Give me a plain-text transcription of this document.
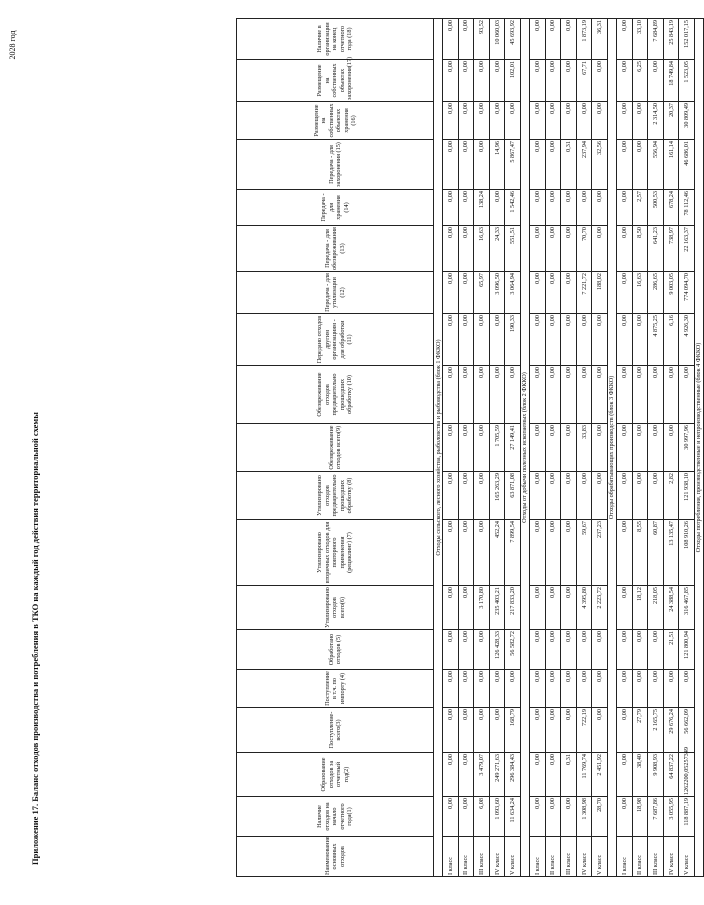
2028 год
Приложение 17. Баланс отходов производства и потребления в ТКО на каждый год действия территориальной схемы	Наименование основных отходов	Наличие отходов на начало отчетного года(1)	Образование отходов за отчетный год(2)	Поступление-всего(3)	Поступление в т.ч. по импорту (4)	Обработано отходов (5)	Утилизировано отходов всего(6)	Утилизировано вторичных отходов для повторного применения (рециклинг) (7)	Утилизировано отходов предварительно прошедших обработку (8)	Обезвреживание отходов всего(9)	Обезвреживание отходов предварительно прошедших обработку (10)	Передано отходов другим организациям - для обработки (11)	Передача - для утилизации (12)	Передача - для обезвреживания (13)	Передача - для хранения (14)	Передача - для захоронения (15)	Размещение на собственных объектах хранения (16)	Размещение на собственных объектах захоронения(17)	Наличие в организации на конец отчетного года (18)
Отходы сельского, лесного хозяйства, рыболовства и рыбоводства (блок 1 ФККО)																		
I класс	0,00	0,00	0,00	0,00	0,00	0,00	0,00	0,00	0,00	0,00	0,00	0,00	0,00	0,00	0,00	0,00	0,00	0,00
II класс	0,00	0,00	0,00	0,00	0,00	0,00	0,00	0,00	0,00	0,00	0,00	0,00	0,00	0,00	0,00	0,00	0,00	0,00
III класс	6,08	3 479,07	0,00	0,00	0,00	3 170,80	0,00	0,00	0,00	0,00	0,00	65,97	16,63	138,24	0,00	0,00	0,00	93,52
IV класс	1 093,60	249 271,63	0,00	0,00	126 428,33	235 403,21	452,24	165 263,29	1 705,59	0,00	0,00	3 096,50	24,33	0,00	14,96	0,00	0,00	10 060,03
V класс	11 634,24	296 384,43	168,79	0,00	56 582,72	217 833,20	7 899,54	63 871,08	27 149,41	0,00	190,33	3 064,94	551,51	1 542,46	5 867,47	0,00	102,01	45 693,92
Отходы от добычи полезных ископаемых (блок 2 ФККО)																		
I класс	0,00	0,00	0,00	0,00	0,00	0,00	0,00	0,00	0,00	0,00	0,00	0,00	0,00	0,00	0,00	0,00	0,00	0,00
II класс	0,00	0,00	0,00	0,00	0,00	0,00	0,00	0,00	0,00	0,00	0,00	0,00	0,00	0,00	0,00	0,00	0,00	0,00
III класс	0,00	0,31	0,00	0,00	0,00	0,00	0,00	0,00	0,00	0,00	0,00	0,00	0,00	0,00	0,31	0,00	0,00	0,00
IV класс	1 308,98	11 769,74	722,19	0,00	0,00	4 395,80	59,67	0,00	33,83	0,00	0,00	7 221,72	70,70	0,00	237,94	0,00	67,71	1 873,19
V класс	28,70	2 451,92	0,00	0,00	0,00	2 223,72	237,23	0,00	0,00	0,00	0,00	188,02	0,00	0,00	32,56	0,00	0,00	36,31
Отходы обрабатывающих производств (блок 3 ФККО)																		
I класс	0,00	0,00	0,00	0,00	0,00	0,00	0,00	0,00	0,00	0,00	0,00	0,00	0,00	0,00	0,00	0,00	0,00	0,00
II класс	18,98	38,40	27,79	0,00	0,00	18,12	8,55	0,00	0,00	0,00	0,00	16,63	8,50	2,57	0,00	0,00	6,25	33,10
III класс	7 687,86	9 908,93	2 165,75	0,00	0,00	218,05	60,87	0,00	0,00	0,00	4 875,25	286,65	641,23	500,53	556,94	2 314,50	0,00	7 684,89
IV класс	3 055,95	64 837,22	29 676,24	0,00	21,51	24 388,54	13 135,47	2,82	0,00	0,00	6,16	9 003,05	738,97	678,24	161,14	20,37	18 749,84	25 843,19
V класс	118 887,19	1262200,05257349	56 662,09	0,00	121 800,94	316 467,85	108 910,26	121 938,10	30 997,96	0,00	4 926,30	774 094,70	22 163,37	78 112,46	46 686,01	30 809,49	1 523,05	152 017,15
Отходы потребления, производственные и непроизводственные (блок 4 ФККО)																		
